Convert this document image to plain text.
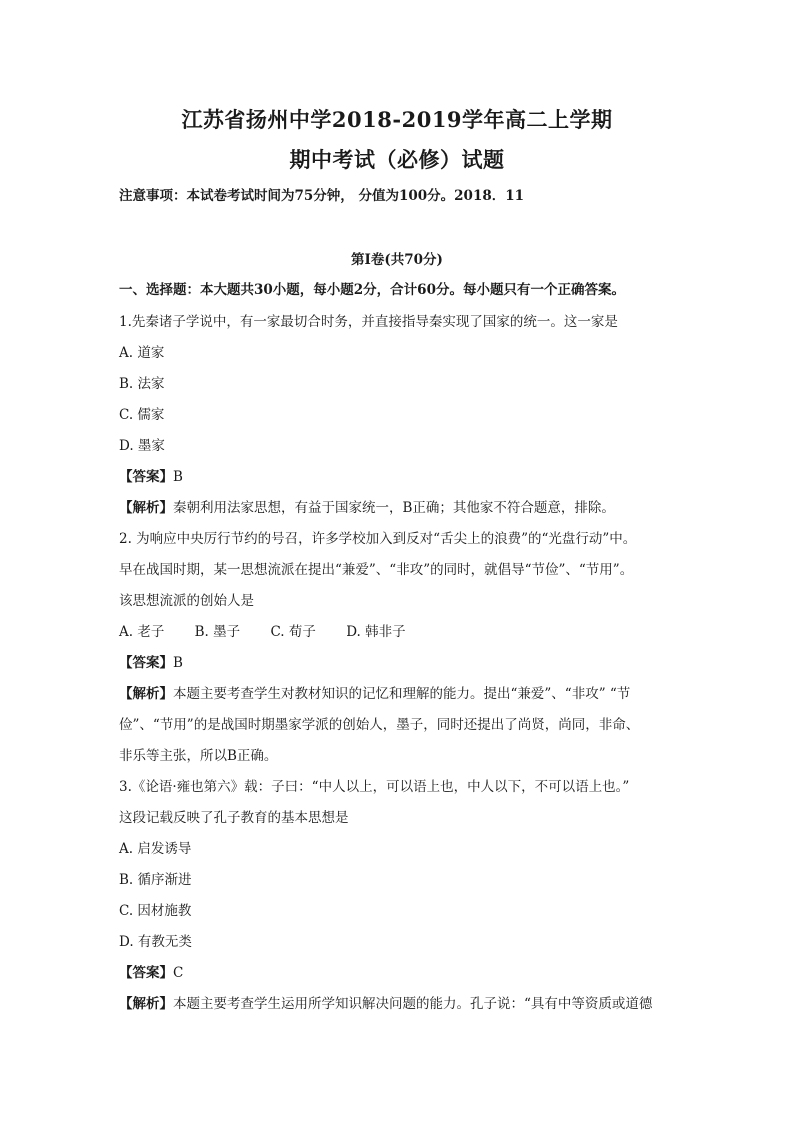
江苏省扬州中学2018-2019学年高二上学期
期中考试（必修）试题
注意事项：本试卷考试时间为75分钟， 分值为100分。2018．11
第Ⅰ卷(共70分)
一、选择题：本大题共30小题，每小题2分，合计60分。每小题只有一个正确答案。
1.先秦诸子学说中，有一家最切合时务，并直接指导秦实现了国家的统一。这一家是
A. 道家
B. 法家
C. 儒家
D. 墨家
【答案】B
【解析】秦朝利用法家思想，有益于国家统一，B正确；其他家不符合题意，排除。
2. 为响应中央厉行节约的号召，许多学校加入到反对“舌尖上的浪费”的“光盘行动”中。
早在战国时期，某一思想流派在提出“兼爱”、“非攻”的同时，就倡导“节俭”、“节用”。
该思想流派的创始人是
A. 老子 B. 墨子 C. 荀子 D. 韩非子
【答案】B
【解析】本题主要考查学生对教材知识的记忆和理解的能力。提出“兼爱”、“非攻” “节
俭”、“节用”的是战国时期墨家学派的创始人，墨子，同时还提出了尚贤，尚同，非命、
非乐等主张，所以B正确。
3.《论语·雍也第六》载：子曰：“中人以上，可以语上也，中人以下，不可以语上也。”
这段记载反映了孔子教育的基本思想是
A. 启发诱导
B. 循序渐进
C. 因材施教
D. 有教无类
【答案】C
【解析】本题主要考查学生运用所学知识解决问题的能力。孔子说：“具有中等资质或道德
